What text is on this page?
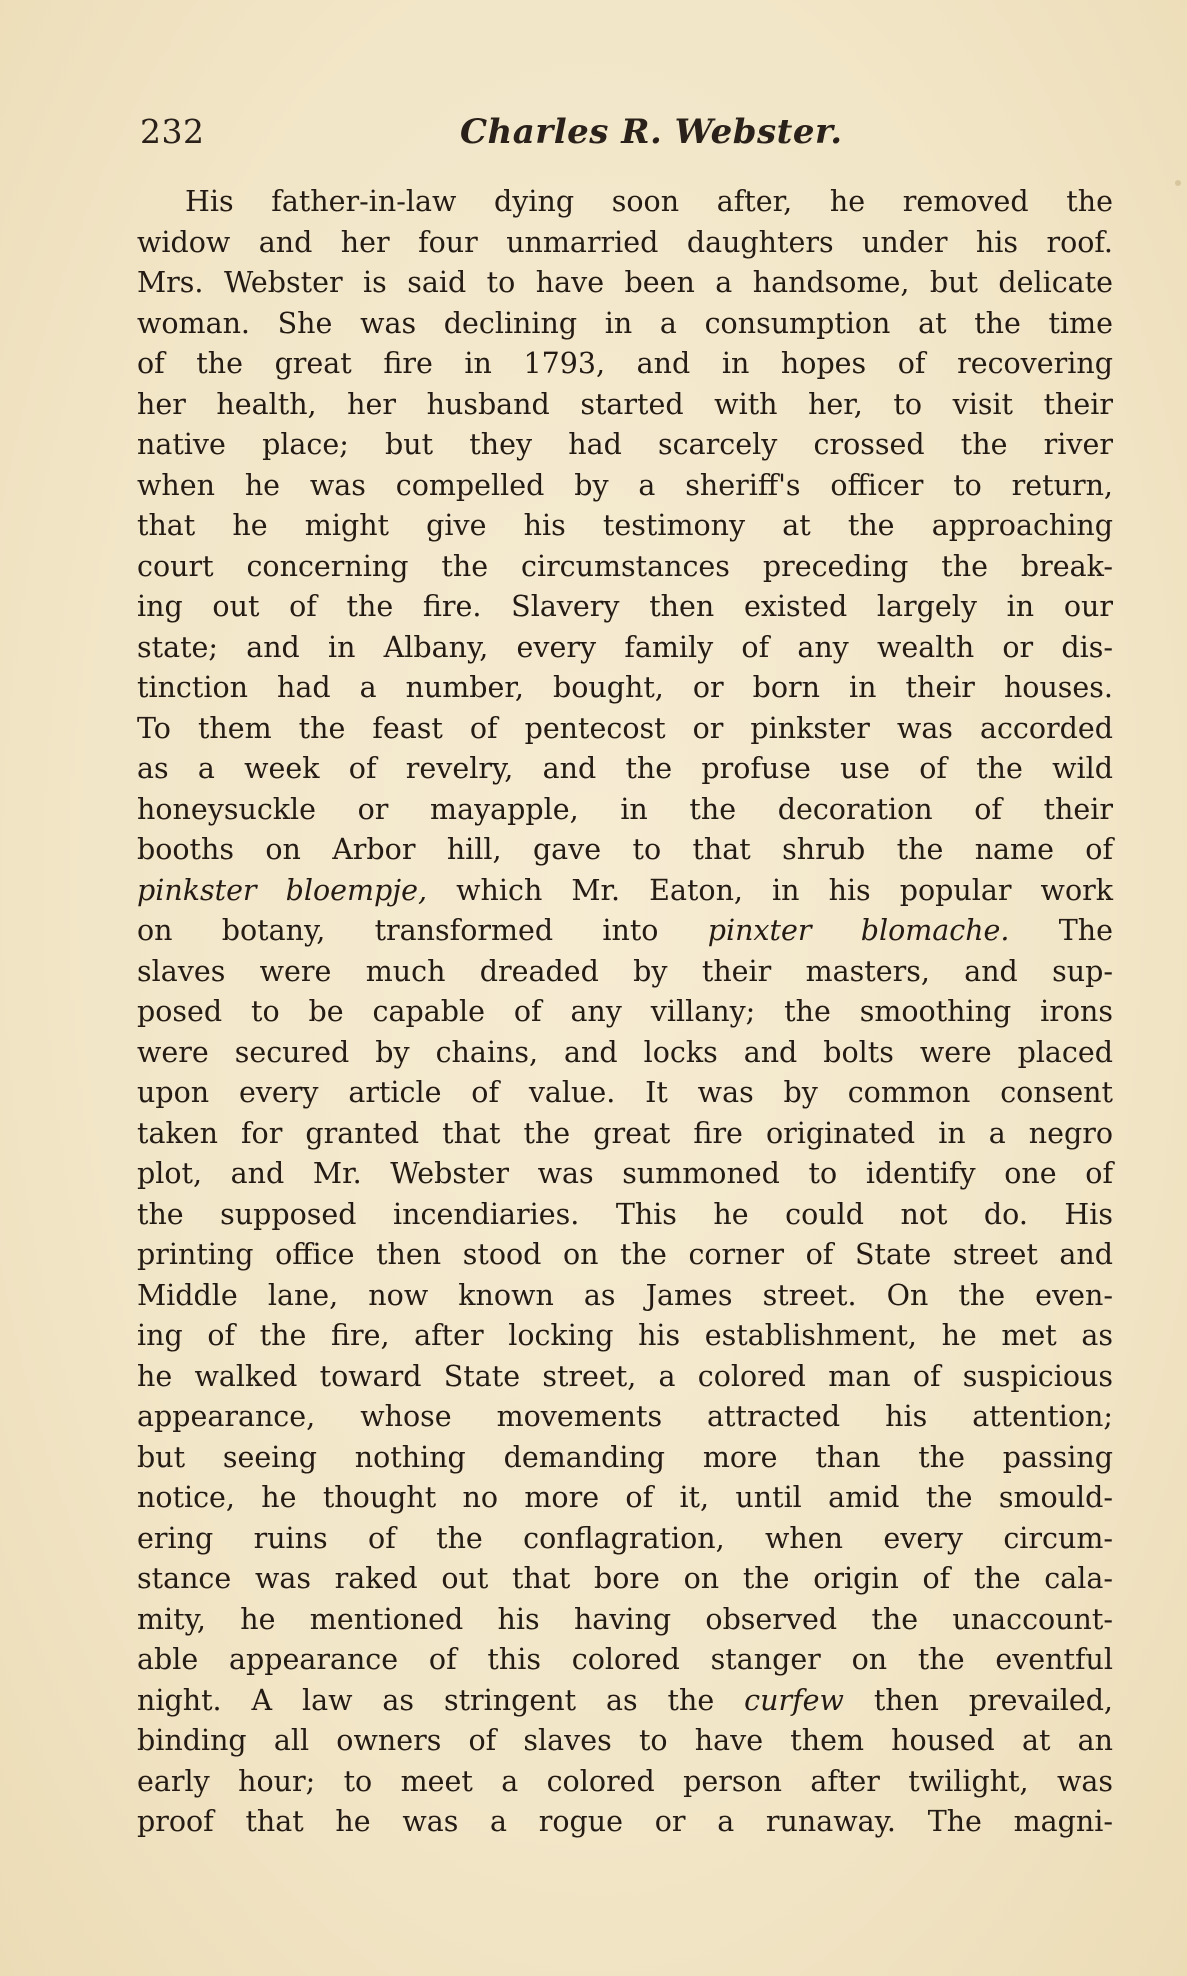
232	Charles R. Webster.
His father-in-law dying soon after, he removed the
widow and her four unmarried daughters under his roof.
Mrs. Webster is said to have been a handsome, but delicate
woman. She was declining in a consumption at the time
of the great fire in 1793, and in hopes of recovering
her health, her husband started with her, to visit their
native place; but they had scarcely crossed the river
when he was compelled by a sheriff's officer to return,
that he might give his testimony at the approaching
court concerning the circumstances preceding the break-
ing out of the fire. Slavery then existed largely in our
state; and in Albany, every family of any wealth or dis-
tinction had a number, bought, or born in their houses.
To them the feast of pentecost or pinkster was accorded
as a week of revelry, and the profuse use of the wild
honeysuckle or mayapple, in the decoration of their
booths on Arbor hill, gave to that shrub the name of
pinkster bloempje, which Mr. Eaton, in his popular work
on botany, transformed into pinxter blomache. The
slaves were much dreaded by their masters, and sup-
posed to be capable of any villany; the smoothing irons
were secured by chains, and locks and bolts were placed
upon every article of value. It was by common consent
taken for granted that the great fire originated in a negro
plot, and Mr. Webster was summoned to identify one of
the supposed incendiaries. This he could not do. His
printing office then stood on the corner of State street and
Middle lane, now known as James street. On the even-
ing of the fire, after locking his establishment, he met as
he walked toward State street, a colored man of suspicious
appearance, whose movements attracted his attention;
but seeing nothing demanding more than the passing
notice, he thought no more of it, until amid the smould-
ering ruins of the conflagration, when every circum-
stance was raked out that bore on the origin of the cala-
mity, he mentioned his having observed the unaccount-
able appearance of this colored stanger on the eventful
night. A law as stringent as the curfew then prevailed,
binding all owners of slaves to have them housed at an
early hour; to meet a colored person after twilight, was
proof that he was a rogue or a runaway. The magni-
